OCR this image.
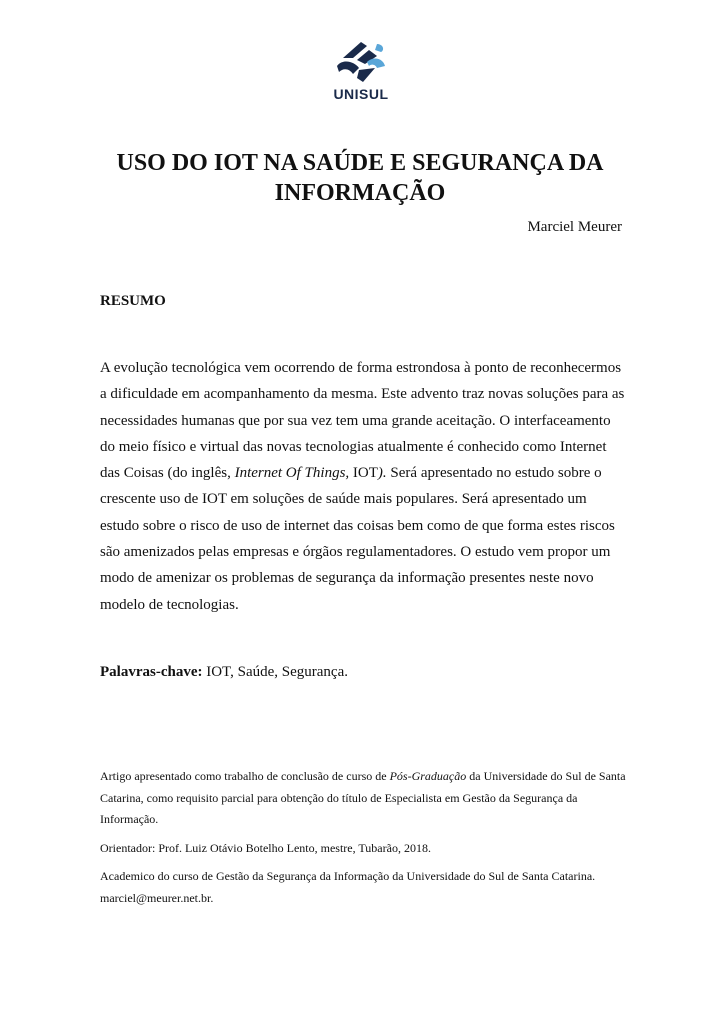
UNISUL
USO DO IOT NA SAÚDE E SEGURANÇA DA INFORMAÇÃO
Marciel Meurer
RESUMO

A evolução tecnológica vem ocorrendo de forma estrondosa à ponto de reconhecermos a dificuldade em acompanhamento da mesma. Este advento traz novas soluções para as necessidades humanas que por sua vez tem uma grande aceitação. O interfaceamento do meio físico e virtual das novas tecnologias atualmente é conhecido como Internet das Coisas (do inglês, Internet Of Things, IOT). Será apresentado no estudo sobre o crescente uso de IOT em soluções de saúde mais populares. Será apresentado um estudo sobre o risco de uso de internet das coisas bem como de que forma estes riscos são amenizados pelas empresas e órgãos regulamentadores. O estudo vem propor um modo de amenizar os problemas de segurança da informação presentes neste novo modelo de tecnologias.

Palavras-chave: IOT, Saúde, Segurança.

Artigo apresentado como trabalho de conclusão de curso de Pós-Graduação da Universidade do Sul de Santa Catarina, como requisito parcial para obtenção do título de Especialista em Gestão da Segurança da Informação.

Orientador: Prof. Luiz Otávio Botelho Lento, mestre, Tubarão, 2018.

Academico do curso de Gestão da Segurança da Informação da Universidade do Sul de Santa Catarina. marciel@meurer.net.br.
